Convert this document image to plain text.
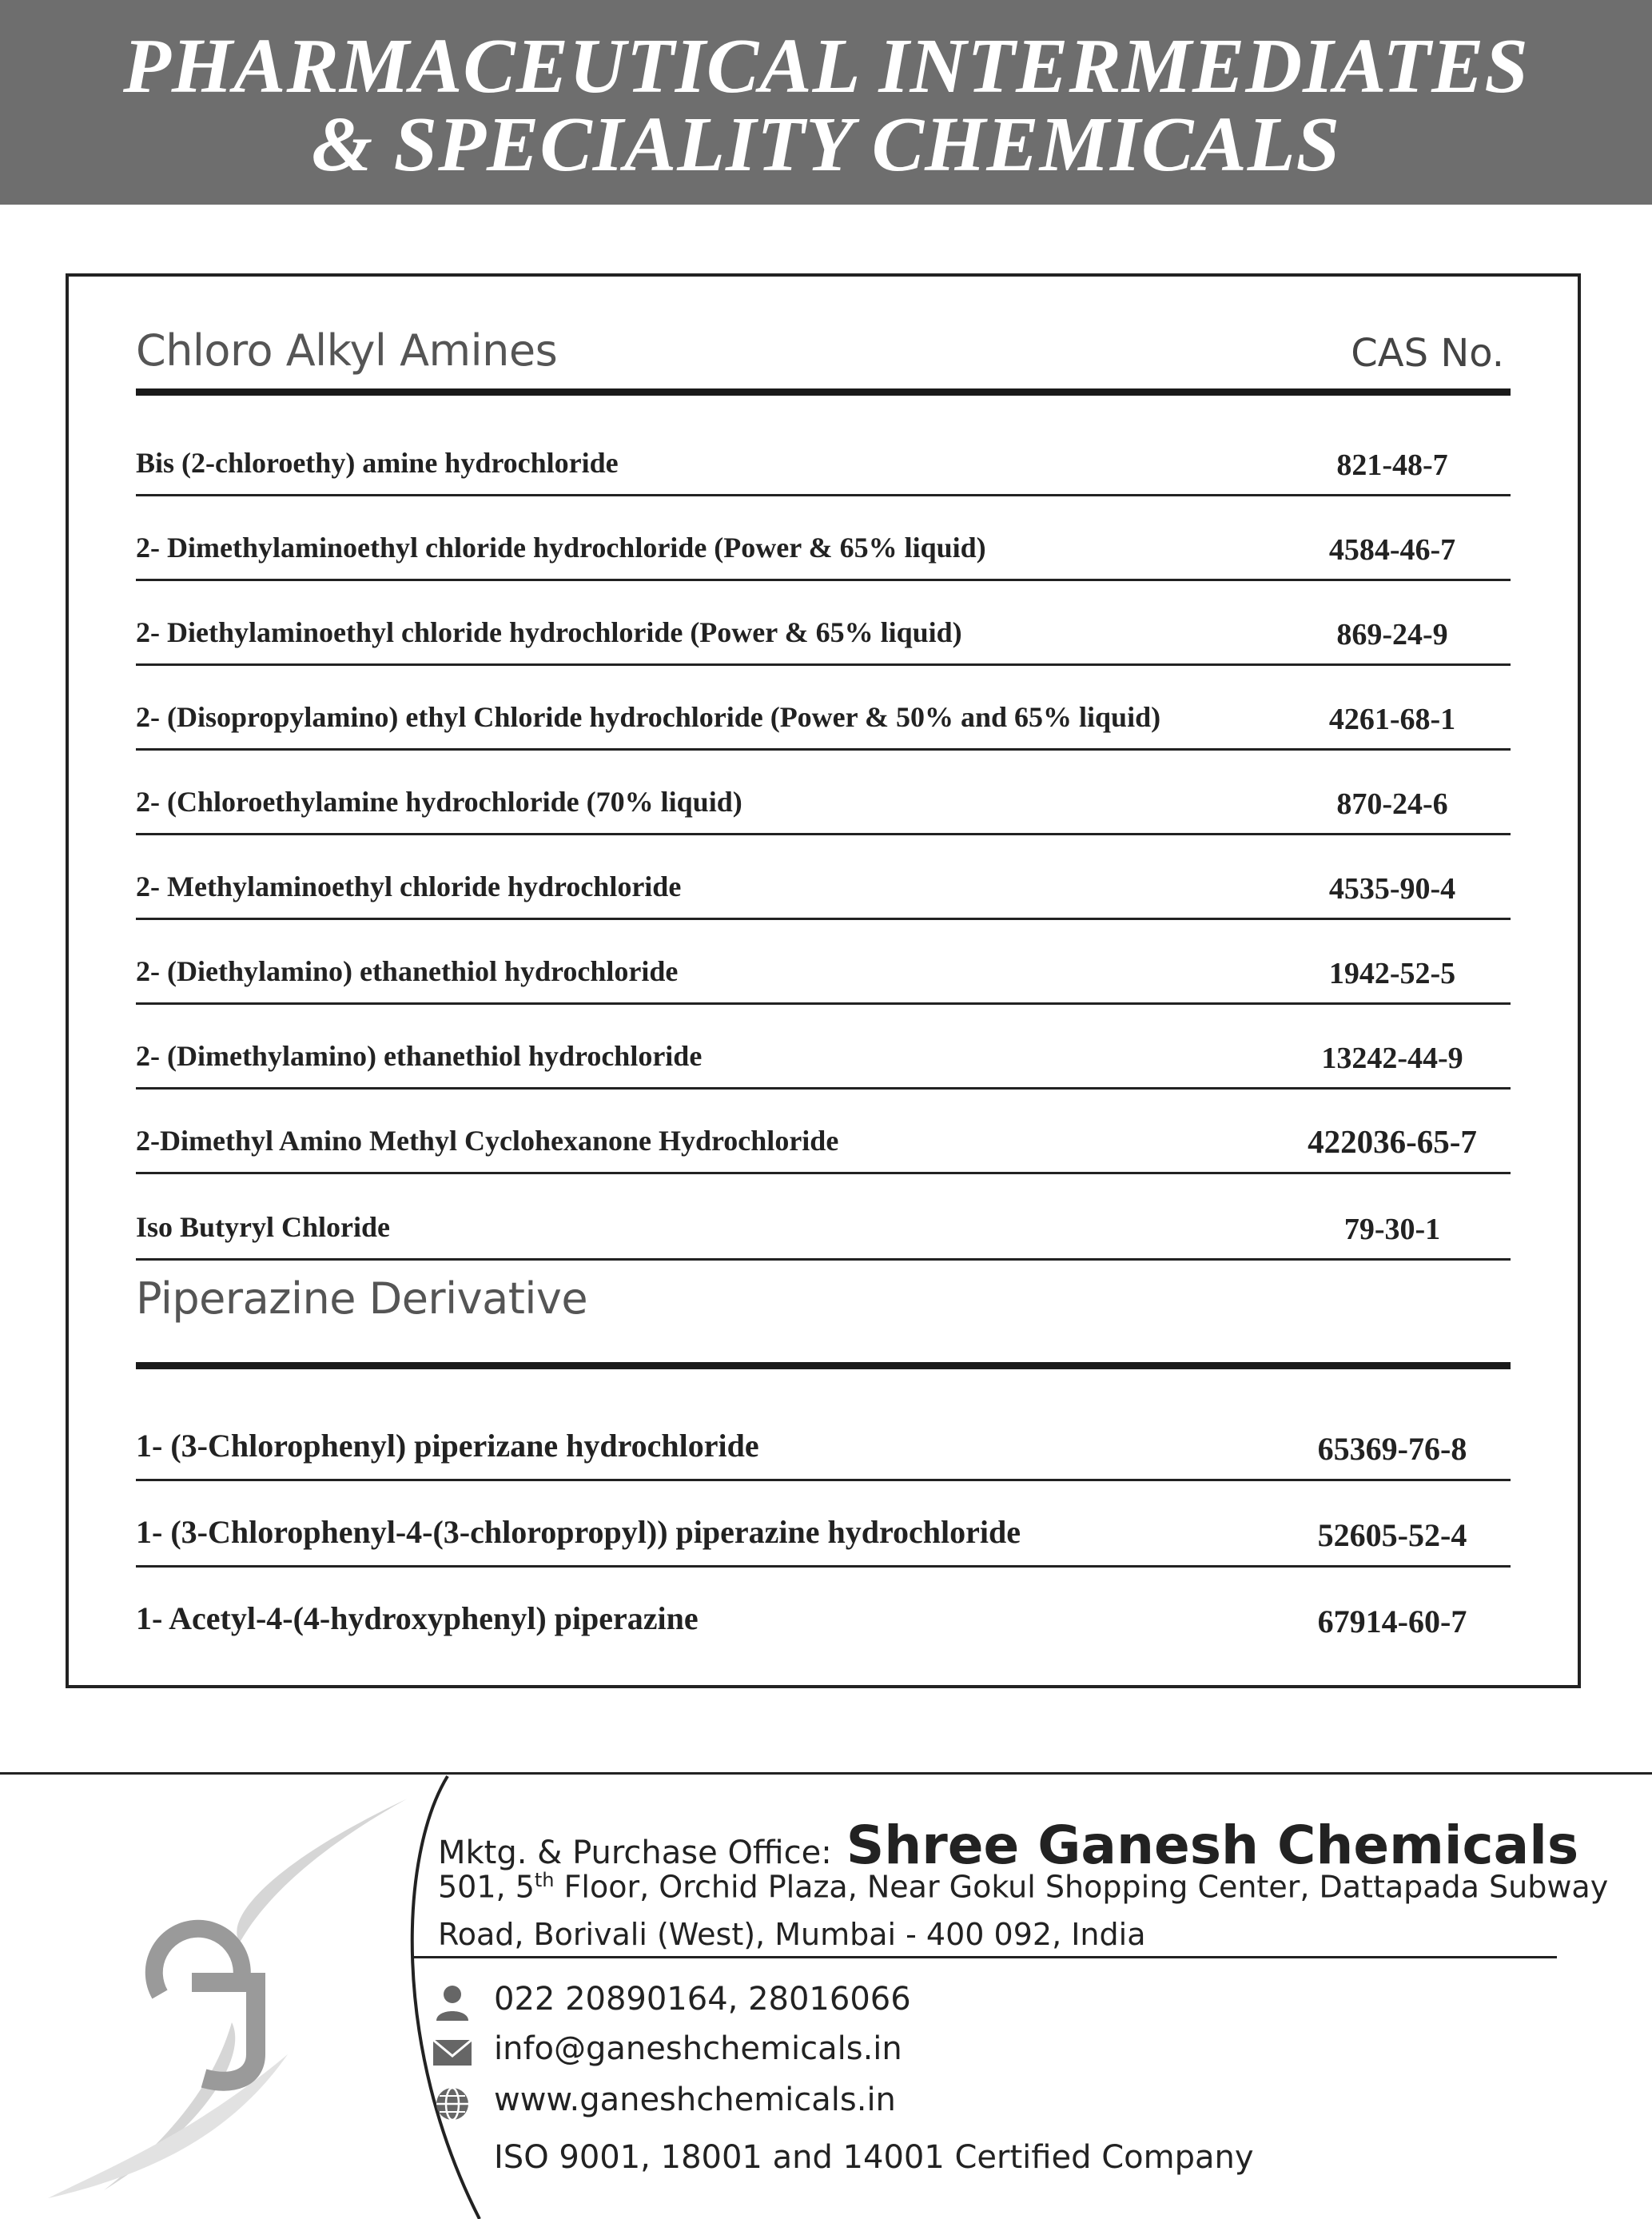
PHARMACEUTICAL INTERMEDIATES
& SPECIALITY CHEMICALS
Chloro Alkyl Amines	CAS No.
Bis (2-chloroethy) amine hydrochloride	821-48-7
2- Dimethylaminoethyl chloride hydrochloride (Power & 65% liquid)	4584-46-7
2- Diethylaminoethyl chloride hydrochloride (Power & 65% liquid)	869-24-9
2- (Disopropylamino) ethyl Chloride hydrochloride (Power & 50% and 65% liquid)	4261-68-1
2- (Chloroethylamine hydrochloride (70% liquid)	870-24-6
2- Methylaminoethyl chloride hydrochloride	4535-90-4
2- (Diethylamino) ethanethiol hydrochloride	1942-52-5
2- (Dimethylamino) ethanethiol hydrochloride	13242-44-9
2-Dimethyl Amino Methyl Cyclohexanone Hydrochloride	422036-65-7
Iso Butyryl Chloride	79-30-1
Piperazine Derivative
1- (3-Chlorophenyl) piperizane hydrochloride	65369-76-8
1- (3-Chlorophenyl-4-(3-chloropropyl)) piperazine hydrochloride	52605-52-4
1- Acetyl-4-(4-hydroxyphenyl) piperazine	67914-60-7
Mktg. & Purchase Office: Shree Ganesh Chemicals
501, 5th Floor, Orchid Plaza, Near Gokul Shopping Center, Dattapada Subway
Road, Borivali (West), Mumbai - 400 092, India
022 20890164, 28016066
info@ganeshchemicals.in
www.ganeshchemicals.in
ISO 9001, 18001 and 14001 Certified Company
